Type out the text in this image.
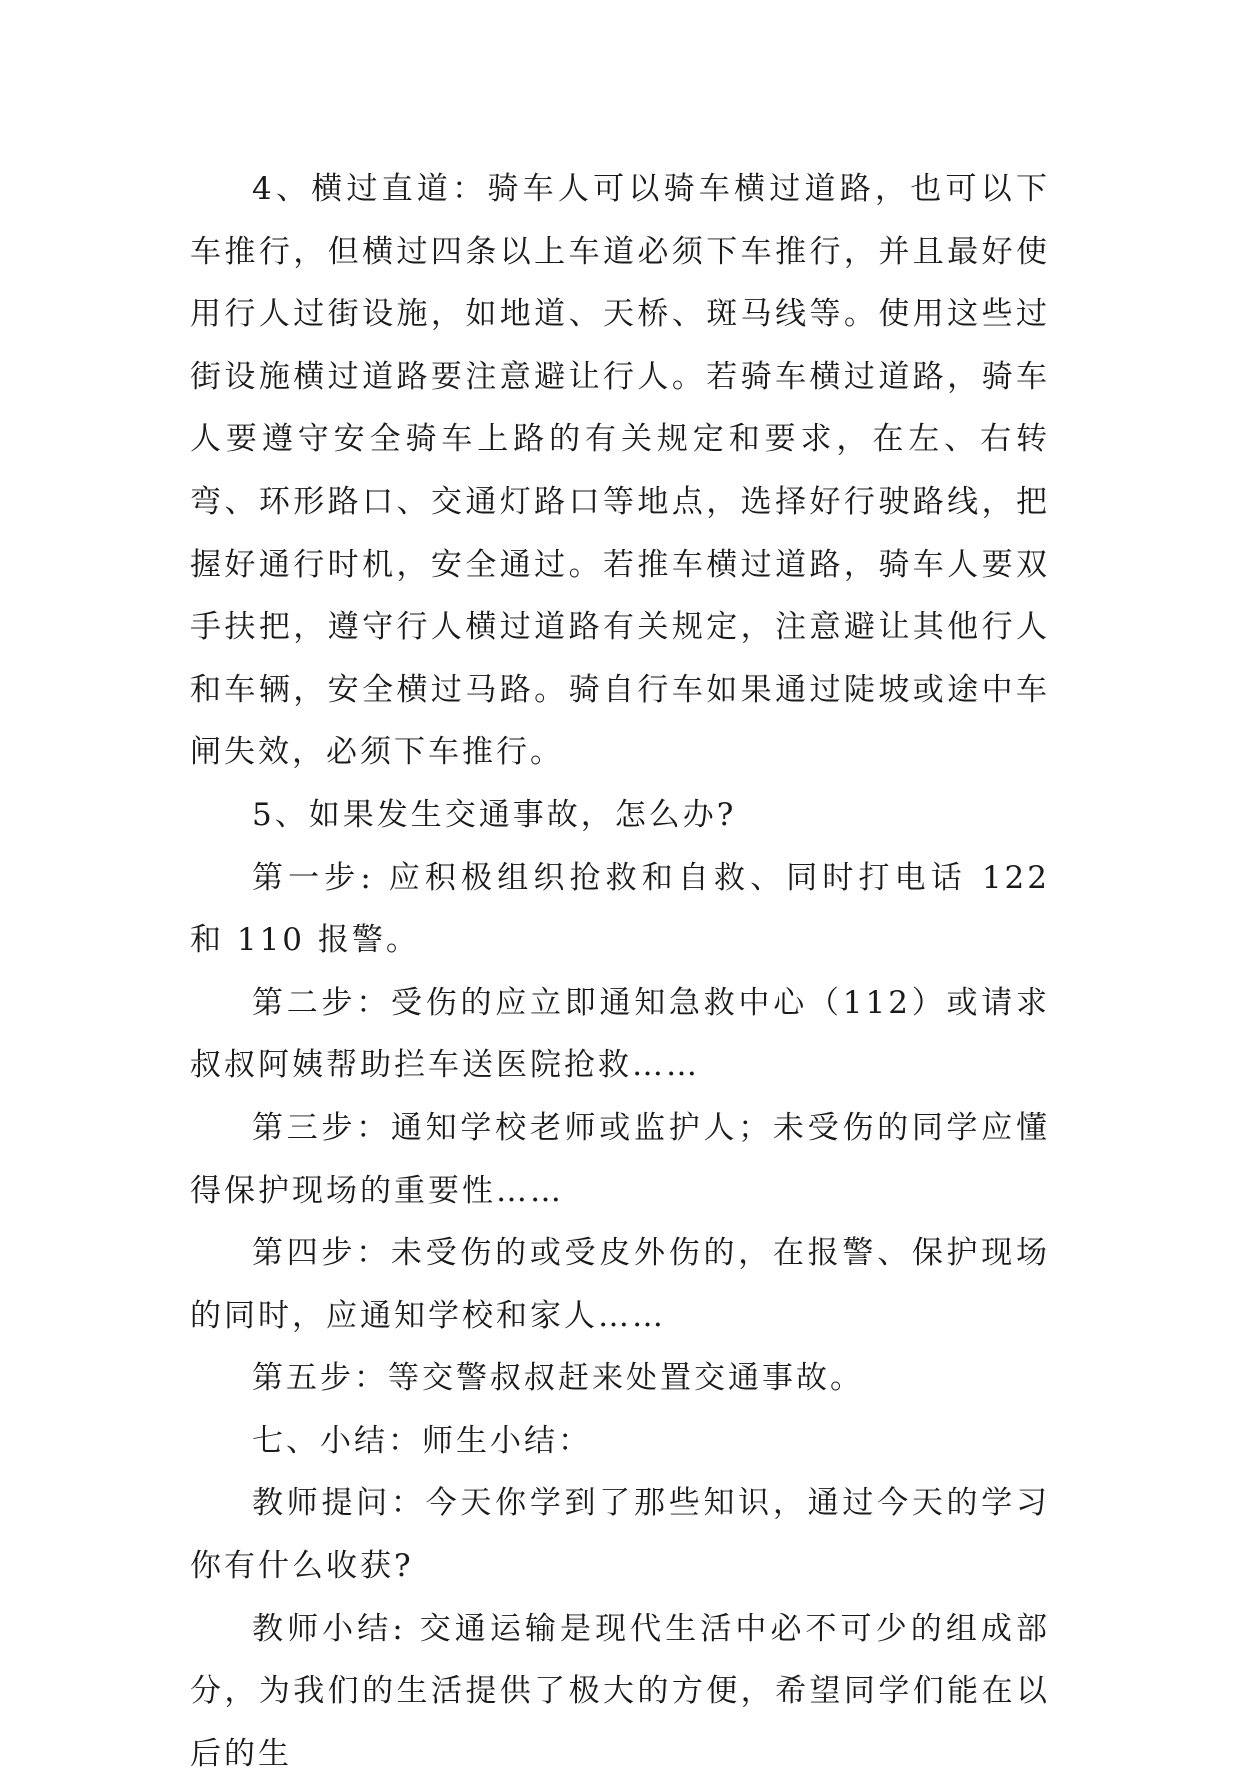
4、横过直道：骑车人可以骑车横过道路，也可以下车推行，但横过四条以上车道必须下车推行，并且最好使用行人过街设施，如地道、天桥、斑马线等。使用这些过街设施横过道路要注意避让行人。若骑车横过道路，骑车人要遵守安全骑车上路的有关规定和要求，在左、右转弯、环形路口、交通灯路口等地点，选择好行驶路线，把握好通行时机，安全通过。若推车横过道路，骑车人要双手扶把，遵守行人横过道路有关规定，注意避让其他行人和车辆，安全横过马路。骑自行车如果通过陡坡或途中车闸失效，必须下车推行。

5、如果发生交通事故，怎么办?

第一步: 应积极组织抢救和自救、同时打电话 122 和 110 报警。

第二步：受伤的应立即通知急救中心（112）或请求叔叔阿姨帮助拦车送医院抢救……

第三步：通知学校老师或监护人；未受伤的同学应懂得保护现场的重要性……

第四步：未受伤的或受皮外伤的，在报警、保护现场的同时，应通知学校和家人……

第五步：等交警叔叔赶来处置交通事故。

七、小结：师生小结：

教师提问：今天你学到了那些知识，通过今天的学习你有什么收获?

教师小结: 交通运输是现代生活中必不可少的组成部分，为我们的生活提供了极大的方便，希望同学们能在以后的生
